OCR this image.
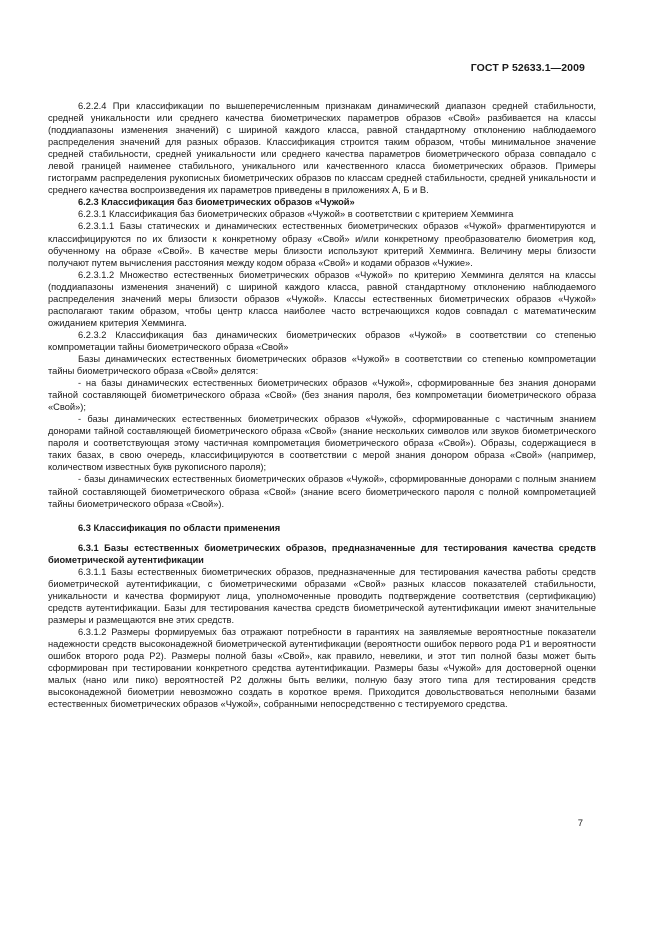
ГОСТ Р 52633.1—2009

6.2.2.4 При классификации по вышеперечисленным признакам динамический диапазон средней стабильности, средней уникальности или среднего качества биометрических параметров образов «Свой» разбивается на классы (поддиапазоны изменения значений) с шириной каждого класса, равной стандартному отклонению наблюдаемого распределения значений для разных образов. Классификация строится таким образом, чтобы минимальное значение средней стабильности, средней уникальности или среднего качества параметров биометрического образа совпадало с левой границей наименее стабильного, уникального или качественного класса биометрических образов. Примеры гистограмм распределения рукописных биометрических образов по классам средней стабильности, средней уникальности и среднего качества воспроизведения их параметров приведены в приложениях А, Б и В.

6.2.3 Классификация баз биометрических образов «Чужой»

6.2.3.1 Классификация баз биометрических образов «Чужой» в соответствии с критерием Хемминга

6.2.3.1.1 Базы статических и динамических естественных биометрических образов «Чужой» фрагментируются и классифицируются по их близости к конкретному образу «Свой» и/или конкретному преобразователю биометрия код, обученному на образе «Свой». В качестве меры близости используют критерий Хемминга. Величину меры близости получают путем вычисления расстояния между кодом образа «Свой» и кодами образов «Чужие».

6.2.3.1.2 Множество естественных биометрических образов «Чужой» по критерию Хемминга делятся на классы (поддиапазоны изменения значений) с шириной каждого класса, равной стандартному отклонению наблюдаемого распределения значений меры близости образов «Чужой». Классы естественных биометрических образов «Чужой» располагают таким образом, чтобы центр класса наиболее часто встречающихся кодов совпадал с математическим ожиданием критерия Хемминга.

6.2.3.2 Классификация баз динамических биометрических образов «Чужой» в соответствии со степенью компрометации тайны биометрического образа «Свой»

Базы динамических естественных биометрических образов «Чужой» в соответствии со степенью компрометации тайны биометрического образа «Свой» делятся:

- на базы динамических естественных биометрических образов «Чужой», сформированные без знания донорами тайной составляющей биометрического образа «Свой» (без знания пароля, без компрометации биометрического образа «Свой»);

- базы динамических естественных биометрических образов «Чужой», сформированные с частичным знанием донорами тайной составляющей биометрического образа «Свой» (знание нескольких символов или звуков биометрического пароля и соответствующая этому частичная компрометация биометрического образа «Свой»). Образы, содержащиеся в таких базах, в свою очередь, классифицируются в соответствии с мерой знания донором образа «Свой» (например, количеством известных букв рукописного пароля);

- базы динамических естественных биометрических образов «Чужой», сформированные донорами с полным знанием тайной составляющей биометрического образа «Свой» (знание всего биометрического пароля с полной компрометацией тайны биометрического образа «Свой»).

6.3 Классификация по области применения

6.3.1 Базы естественных биометрических образов, предназначенные для тестирования качества средств биометрической аутентификации

6.3.1.1 Базы естественных биометрических образов, предназначенные для тестирования качества работы средств биометрической аутентификации, с биометрическими образами «Свой» разных классов показателей стабильности, уникальности и качества формируют лица, уполномоченные проводить подтверждение соответствия (сертификацию) средств аутентификации. Базы для тестирования качества средств биометрической аутентификации имеют значительные размеры и размещаются вне этих средств.

6.3.1.2 Размеры формируемых баз отражают потребности в гарантиях на заявляемые вероятностные показатели надежности средств высоконадежной биометрической аутентификации (вероятности ошибок первого рода P1 и вероятности ошибок второго рода P2). Размеры полной базы «Свой», как правило, невелики, и этот тип полной базы может быть сформирован при тестировании конкретного средства аутентификации. Размеры базы «Чужой» для достоверной оценки малых (нано или пико) вероятностей P2 должны быть велики, полную базу этого типа для тестирования средств высоконадежной биометрии невозможно создать в короткое время. Приходится довольствоваться неполными базами естественных биометрических образов «Чужой», собранными непосредственно с тестируемого средства.

7
